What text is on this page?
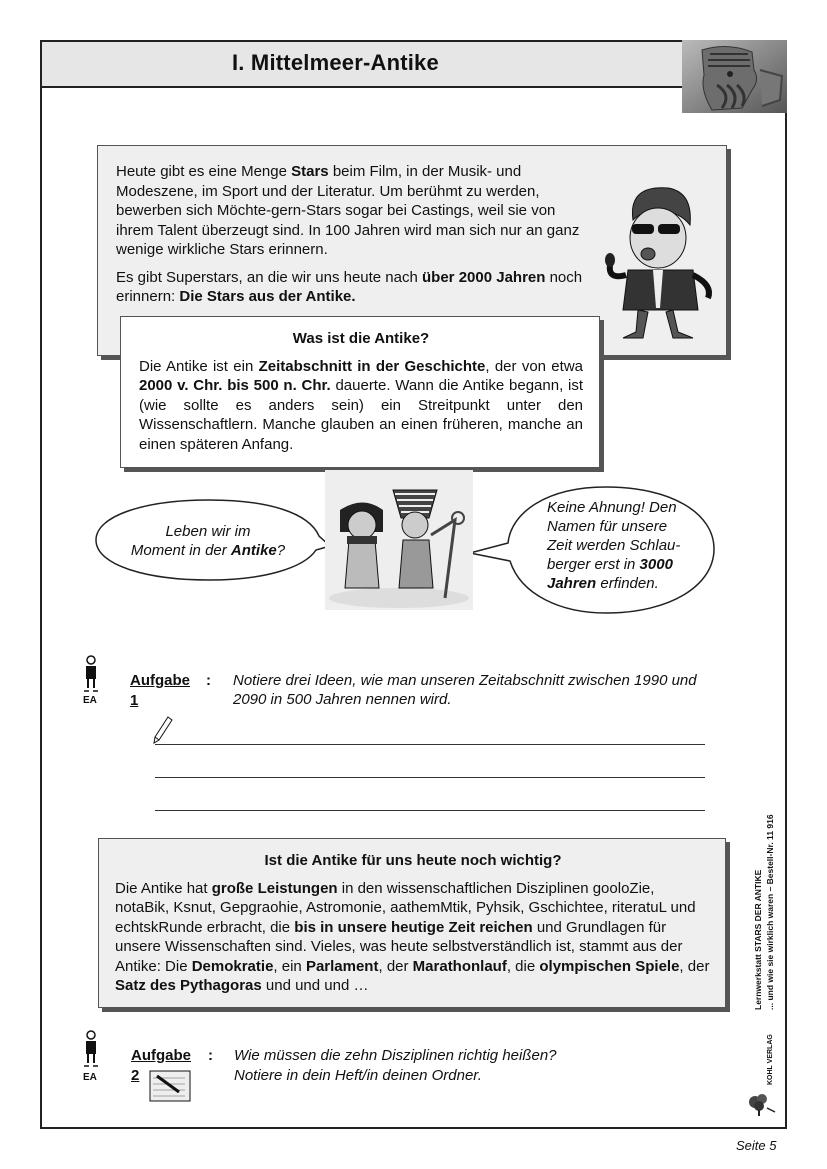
I. Mittelmeer-Antike

Heute gibt es eine Menge Stars beim Film, in der Musik- und Modeszene, im Sport und der Literatur. Um berühmt zu werden, bewerben sich Möchte-gern-Stars sogar bei Castings, weil sie von ihrem Talent überzeugt sind. In 100 Jahren wird man sich nur an ganz wenige wirkliche Stars erinnern.

Es gibt Superstars, an die wir uns heute nach über 2000 Jahren noch erinnern: Die Stars aus der Antike.

Was ist die Antike?

Die Antike ist ein Zeitabschnitt in der Geschichte, der von etwa 2000 v. Chr. bis 500 n. Chr. dauerte. Wann die Antike begann, ist (wie sollte es anders sein) ein Streitpunkt unter den Wissenschaftlern. Manche glauben an einen früheren, manche an einen späteren Anfang.

Leben wir im
Moment in der Antike?
Keine Ahnung! Den
Namen für unsere
Zeit werden Schlau-
berger erst in 3000
Jahren erfinden.
EA
Aufgabe 1
: Notiere drei Ideen, wie man unseren Zeitabschnitt zwischen 1990 und
2090 in 500 Jahren nennen wird.
Ist die Antike für uns heute noch wichtig?

Die Antike hat große Leistungen in den wissenschaftlichen Disziplinen gooloZie, notaBik, Ksnut, Gepgraohie, Astromonie, aathemMtik, Pyhsik, Gschichtee, riteratuL und echtskRunde erbracht, die bis in unsere heutige Zeit reichen und Grundlagen für unsere Wissenschaften sind. Vieles, was heute selbstverständlich ist, stammt aus der Antike: Die Demokratie, ein Parlament, der Marathonlauf, die olympischen Spiele, der Satz des Pythagoras und und und …

EA
Aufgabe 2
: Wie müssen die zehn Disziplinen richtig heißen?
Notiere in dein Heft/in deinen Ordner.
Lernwerkstatt STARS DER ANTIKE ... und wie sie wirklich waren – Bestell-Nr. 11 916
KOHL VERLAG
Seite 5
